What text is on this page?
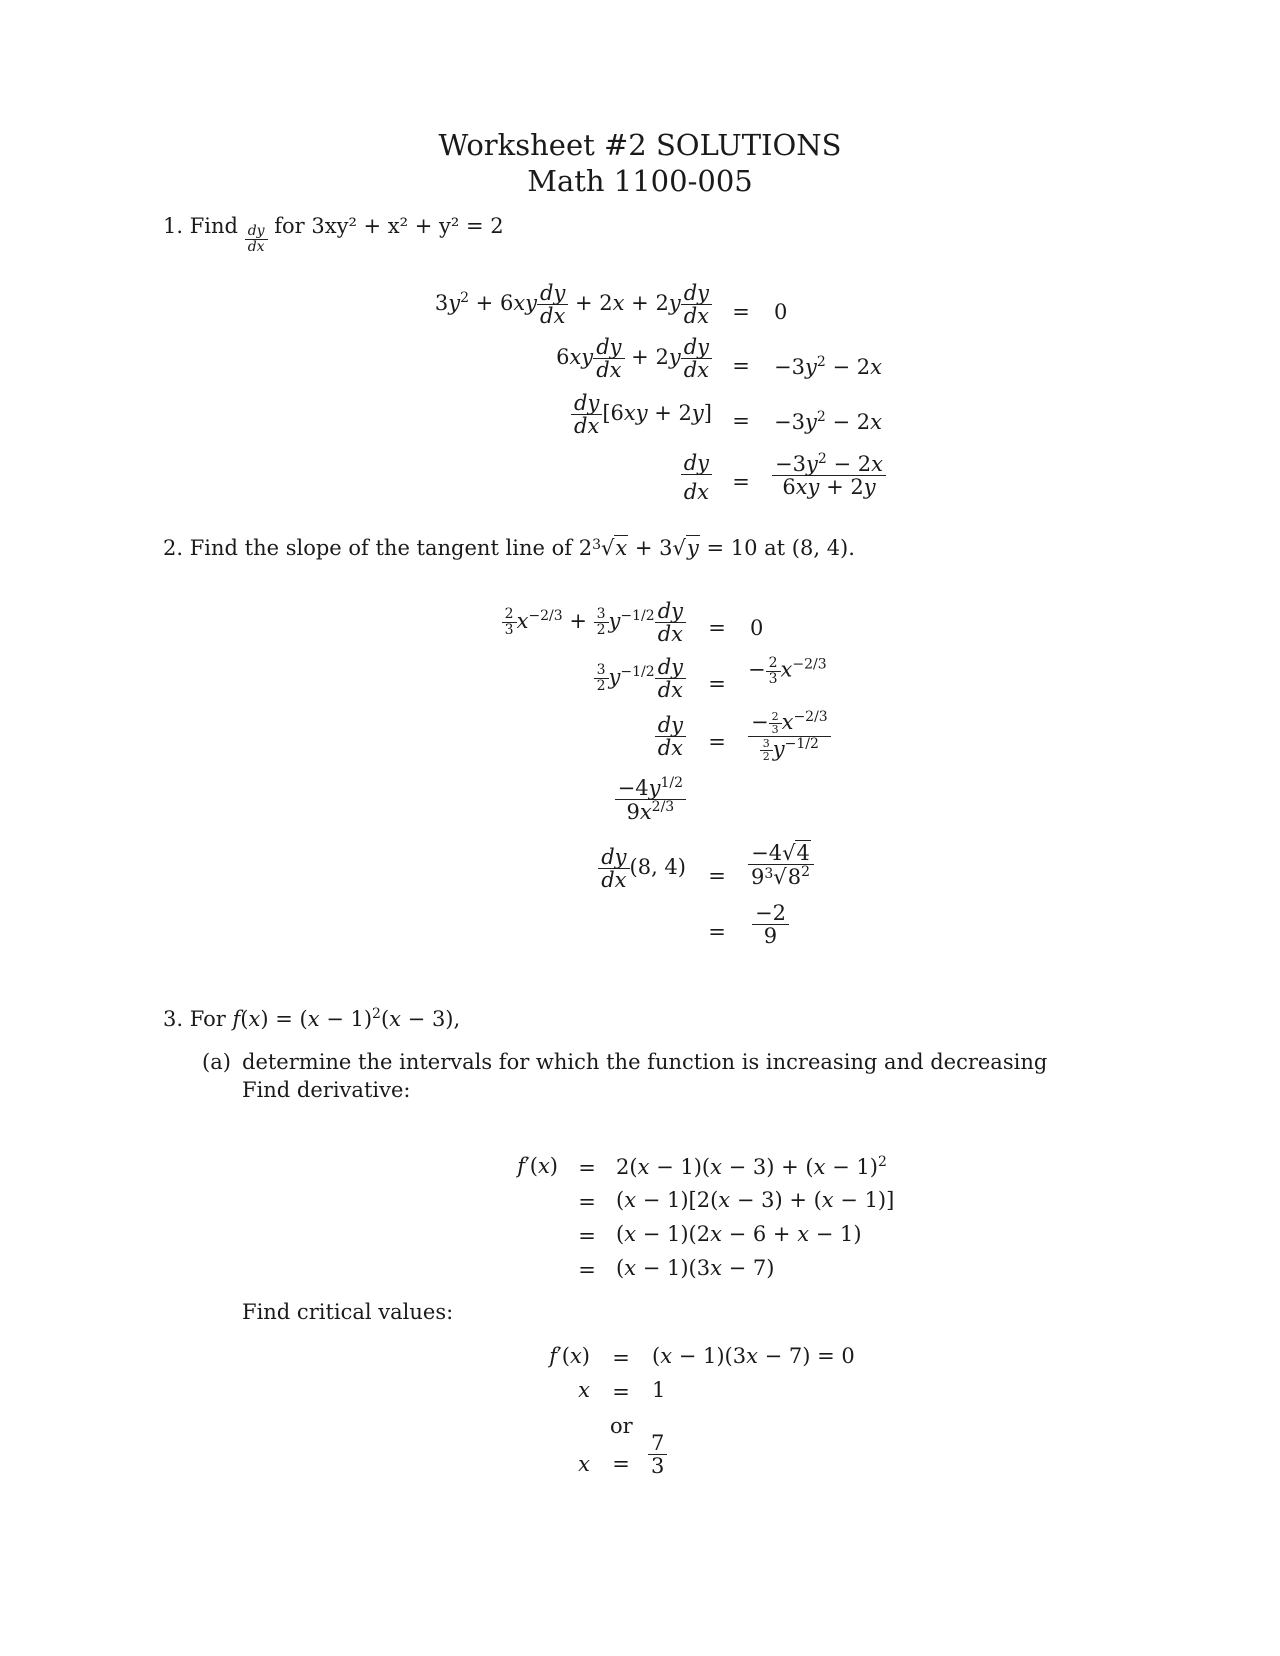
Worksheet #2 SOLUTIONS
Math 1100-005
1. Find $\frac{dy}{dx}$ for 3xy² + x² + y² = 2
$3y^2 + 6xy \frac{dy}{dx} + 2x + 2y \frac{dy}{dx} = 0$
$6xy \frac{dy}{dx} + 2y \frac{dy}{dx} = -3y^2 - 2x$
$\frac{dy}{dx} [6xy + 2y] = -3y^2 - 2x$
$\frac{dy}{dx} = \frac{-3y^2 - 2x}{6xy + 2y}$
2. Find the slope of the tangent line of $2^3√x + 3√y = 10$ at (8, 4).
$\frac{2}{3} x^{-2/3} + \frac{3}{2} y^{-1/2} \frac{dy}{dx} = 0$
$\frac{3}{2} y^{-1/2} \frac{dy}{dx}$ =
− $\frac{2}{3} x^{-2/3}$
$\frac{dy}{dx} = \frac{- \frac{2}{3} x^{-2/3}}{\frac{3}{2} y^{-1/2}}$
$\frac{-4y^{1/2}}{9x^{2/3}}$
$\frac{dy}{dx} (8$, $4) = \frac{-4√4}{9^3√8^2}$
= $\frac{-2}{9}$
3. For $f(x) = (x - 1)^2(x - 3)$,
(a) determine the intervals for which the function is increasing and decreasing
Find derivative:
$f'(x) = 2(x - 1)(x - 3) + (x - 1)^2$
= (x − 1)[2(x − 3) + (x − 1)]
= (x − 1)(2x − 6 + x − 1)
= (x − 1)(3x − 7)
Find critical values:
f′(x) = (x − 1)(3x − 7) = 0
x = 1
or
$x = \frac{7}{3}$
